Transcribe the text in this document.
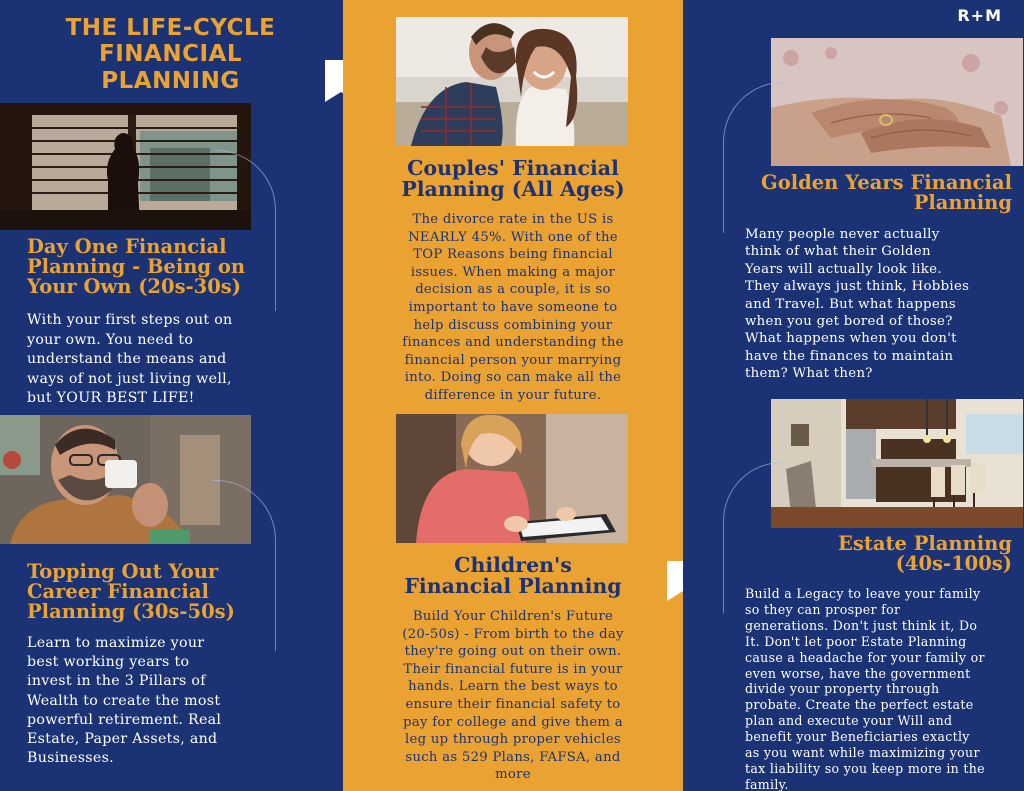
THE LIFE-CYCLE
FINANCIAL
PLANNING
Day One Financial
Planning - Being on
Your Own (20s-30s)
With your first steps out on
your own. You need to
understand the means and
ways of not just living well,
but YOUR BEST LIFE!
Topping Out Your
Career Financial
Planning (30s-50s)
Learn to maximize your
best working years to
invest in the 3 Pillars of
Wealth to create the most
powerful retirement. Real
Estate, Paper Assets, and
Businesses.
Couples' Financial
Planning (All Ages)
The divorce rate in the US is
NEARLY 45%. With one of the
TOP Reasons being financial
issues. When making a major
decision as a couple, it is so
important to have someone to
help discuss combining your
finances and understanding the
financial person your marrying
into. Doing so can make all the
difference in your future.
Children's
Financial Planning
Build Your Children's Future
(20-50s) - From birth to the day
they're going out on their own.
Their financial future is in your
hands. Learn the best ways to
ensure their financial safety to
pay for college and give them a
leg up through proper vehicles
such as 529 Plans, FAFSA, and
more
R+M
Golden Years Financial
Planning
Many people never actually
think of what their Golden
Years will actually look like.
They always just think, Hobbies
and Travel. But what happens
when you get bored of those?
What happens when you don't
have the finances to maintain
them? What then?
Estate Planning
(40s-100s)
Build a Legacy to leave your family
so they can prosper for
generations. Don't just think it, Do
It. Don't let poor Estate Planning
cause a headache for your family or
even worse, have the government
divide your property through
probate. Create the perfect estate
plan and execute your Will and
benefit your Beneficiaries exactly
as you want while maximizing your
tax liability so you keep more in the
family.
